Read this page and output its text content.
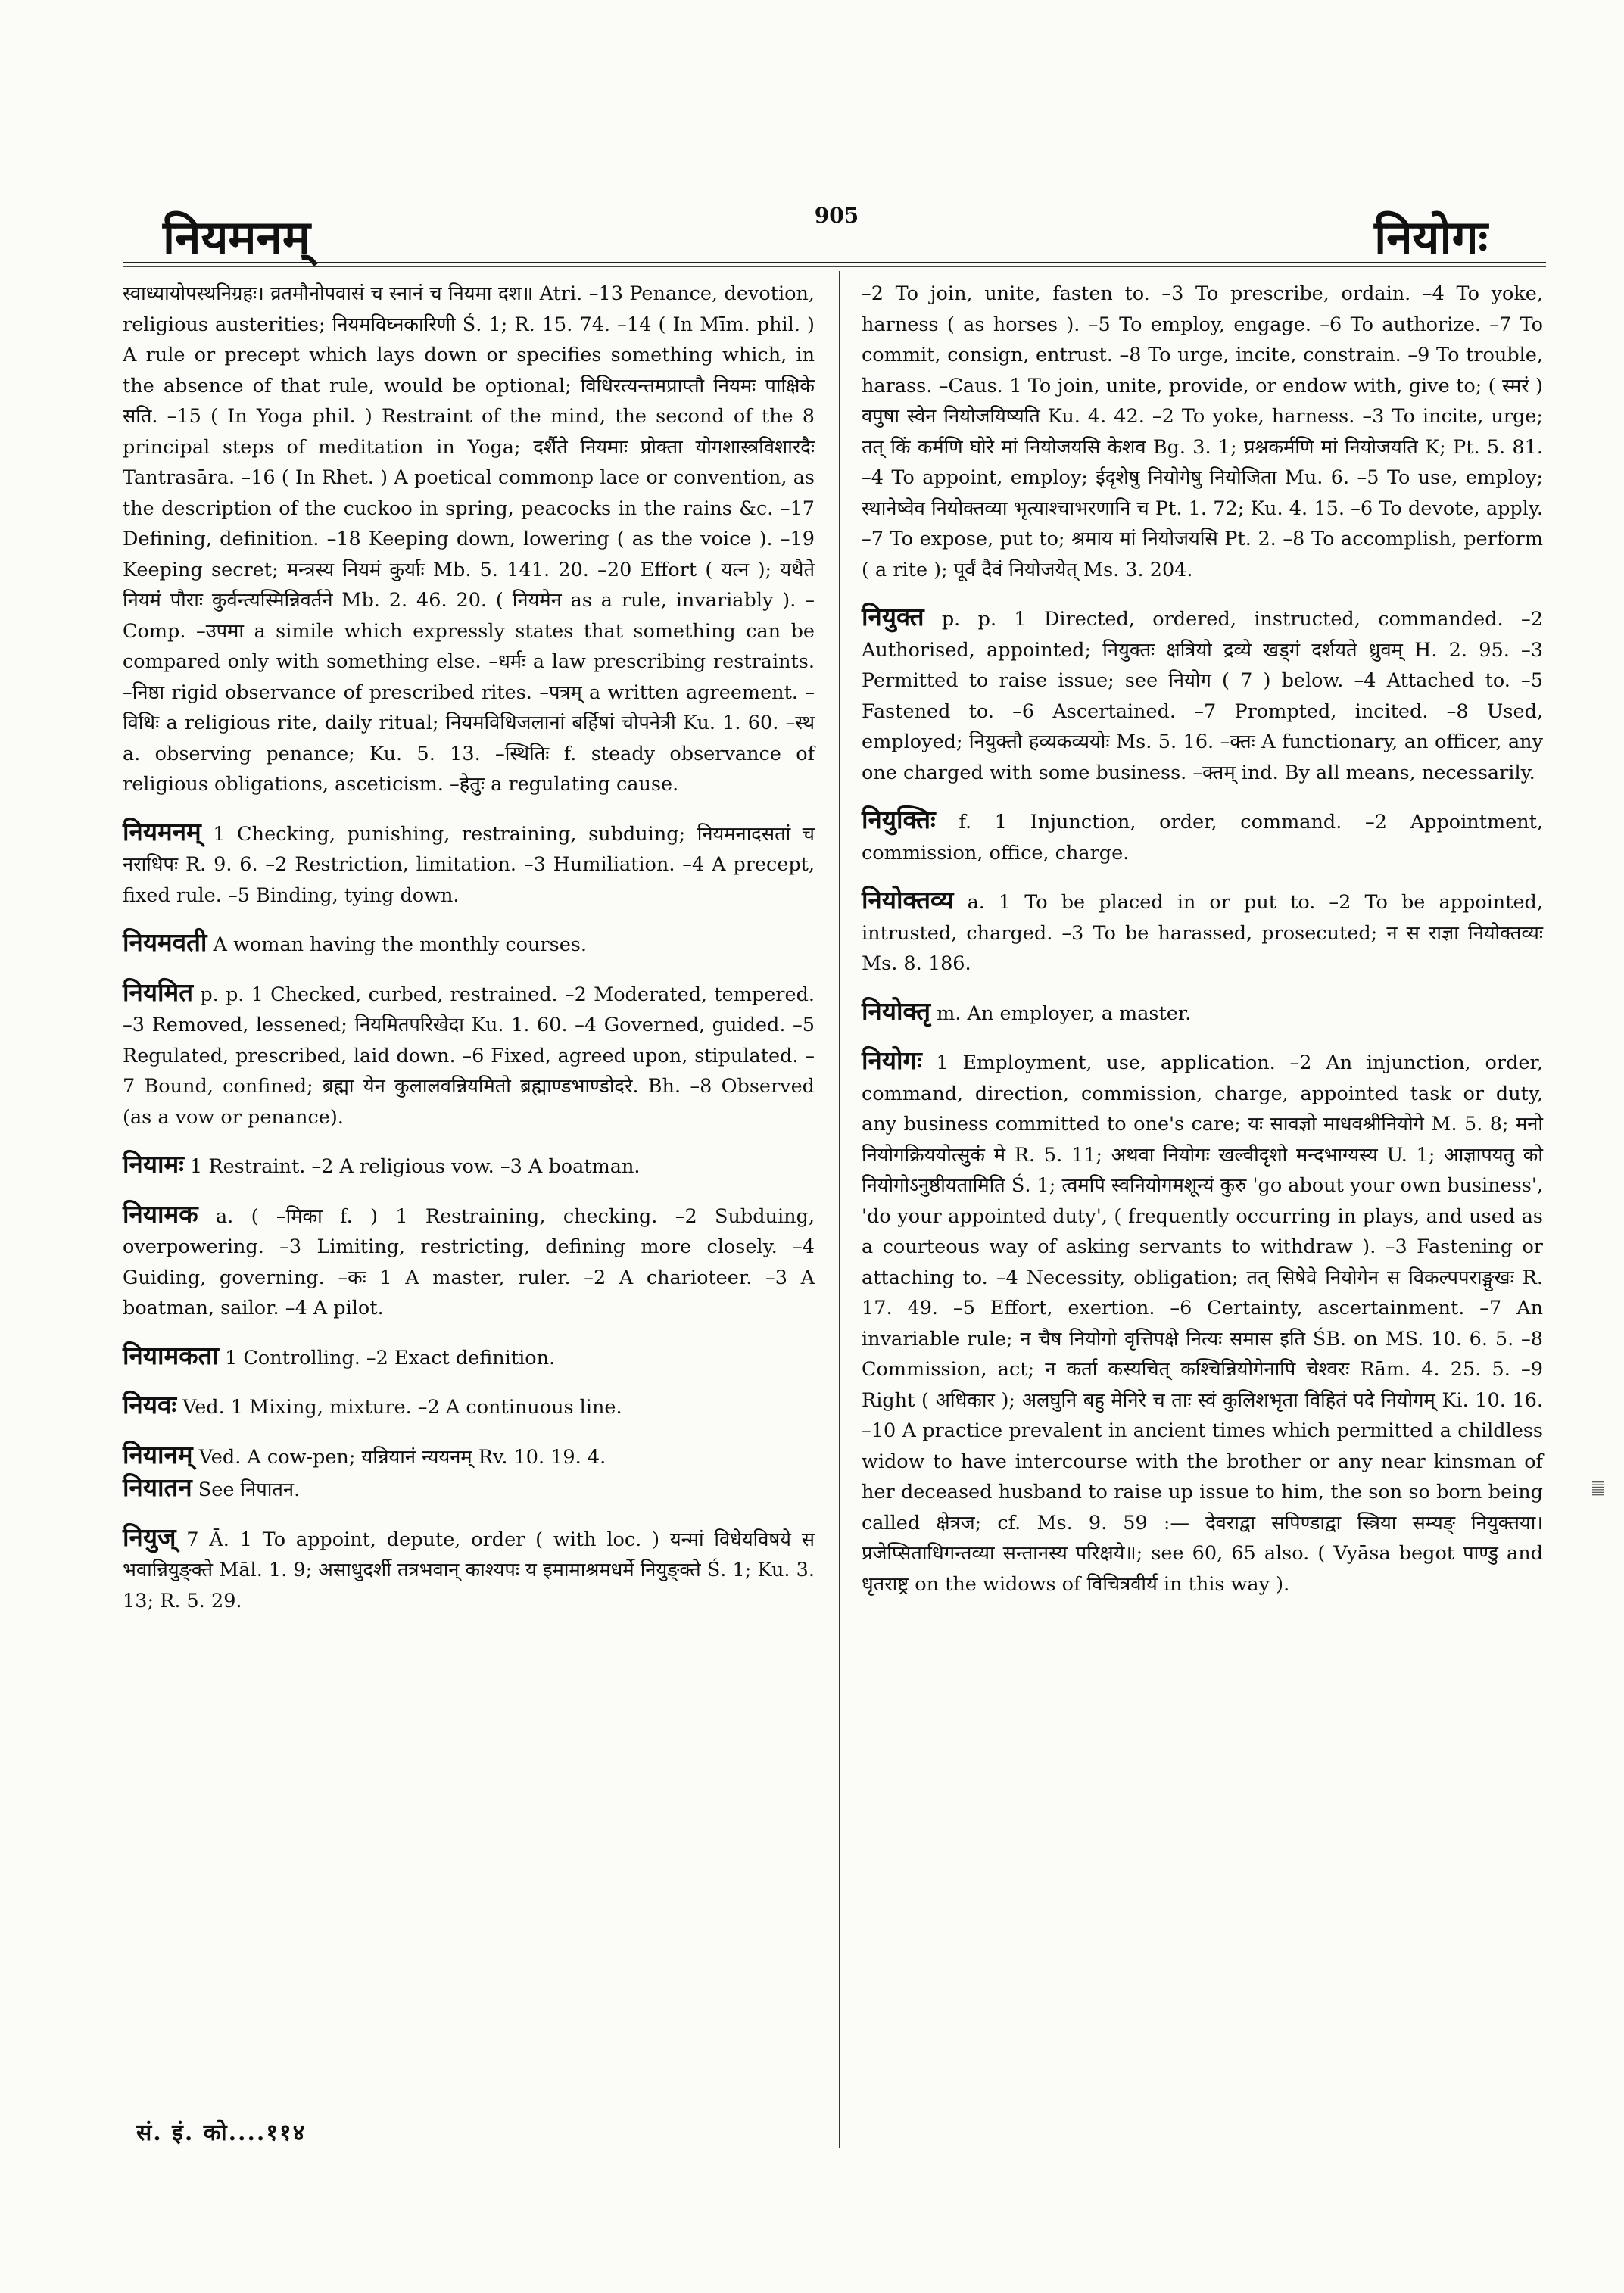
नियमनम्	905	नियोगः

स्वाध्यायोपस्थनिग्रहः। व्रतमौनोपवासं च स्नानं च नियमा दश॥ Atri. –13 Penance, devotion, religious austerities; नियमविघ्नकारिणी Ś. 1; R. 15. 74. –14 ( In Mīm. phil. ) A rule or precept which lays down or specifies something which, in the absence of that rule, would be optional; विधिरत्यन्तमप्राप्तौ नियमः पाक्षिके सति. –15 ( In Yoga phil. ) Restraint of the mind, the second of the 8 principal steps of meditation in Yoga; दर्शैते नियमाः प्रोक्ता योगशास्त्रविशारदैः Tantrasāra. –16 ( In Rhet. ) A poetical commonp lace or convention, as the description of the cuckoo in spring, peacocks in the rains &c. –17 Defining, definition. –18 Keeping down, lowering ( as the voice ). –19 Keeping secret; मन्त्रस्य नियमं कुर्याः Mb. 5. 141. 20. –20 Effort ( यत्न ); यथैते नियमं पौराः कुर्वन्त्यस्मिन्निवर्तने Mb. 2. 46. 20. ( नियमेन as a rule, invariably ). –Comp. –उपमा a simile which expressly states that something can be compared only with something else. –धर्मः a law prescribing restraints. –निष्ठा rigid observance of prescribed rites. –पत्रम् a written agreement. –विधिः a religious rite, daily ritual; नियमविधिजलानां बर्हिषां चोपनेत्री Ku. 1. 60. –स्थ a. observing penance; Ku. 5. 13. –स्थितिः f. steady observance of religious obligations, asceticism. –हेतुः a regulating cause.

नियमनम् 1 Checking, punishing, restraining, subduing; नियमनादसतां च नराधिपः R. 9. 6. –2 Restriction, limitation. –3 Humiliation. –4 A precept, fixed rule. –5 Binding, tying down.

नियमवती A woman having the monthly courses.

नियमित p. p. 1 Checked, curbed, restrained. –2 Moderated, tempered. –3 Removed, lessened; नियमितपरिखेदा Ku. 1. 60. –4 Governed, guided. –5 Regulated, prescribed, laid down. –6 Fixed, agreed upon, stipulated. –7 Bound, confined; ब्रह्मा येन कुलालवन्नियमितो ब्रह्माण्डभाण्डोदरे. Bh. –8 Observed (as a vow or penance).

नियामः 1 Restraint. –2 A religious vow. –3 A boatman.

नियामक a. ( –मिका f. ) 1 Restraining, checking. –2 Subduing, overpowering. –3 Limiting, restricting, defining more closely. –4 Guiding, governing. –कः 1 A master, ruler. –2 A charioteer. –3 A boatman, sailor. –4 A pilot.

नियामकता 1 Controlling. –2 Exact definition.

नियवः Ved. 1 Mixing, mixture. –2 A continuous line.

नियानम् Ved. A cow-pen; यन्नियानं न्ययनम् Rv. 10. 19. 4.

नियातन See निपातन.

नियुज् 7 Ā. 1 To appoint, depute, order ( with loc. ) यन्मां विधेयविषये स भवान्नियुङ्क्ते Māl. 1. 9; असाधुदर्शी तत्रभवान् काश्यपः य इमामाश्रमधर्मे नियुङ्क्ते Ś. 1; Ku. 3. 13; R. 5. 29.

–2 To join, unite, fasten to. –3 To prescribe, ordain. –4 To yoke, harness ( as horses ). –5 To employ, engage. –6 To authorize. –7 To commit, consign, entrust. –8 To urge, incite, constrain. –9 To trouble, harass. –Caus. 1 To join, unite, provide, or endow with, give to; ( स्मरं ) वपुषा स्वेन नियोजयिष्यति Ku. 4. 42. –2 To yoke, harness. –3 To incite, urge; तत् किं कर्मणि घोरे मां नियोजयसि केशव Bg. 3. 1; प्रश्नकर्मणि मां नियोजयति K; Pt. 5. 81. –4 To appoint, employ; ईदृशेषु नियोगेषु नियोजिता Mu. 6. –5 To use, employ; स्थानेष्वेव नियोक्तव्या भृत्याश्चाभरणानि च Pt. 1. 72; Ku. 4. 15. –6 To devote, apply. –7 To expose, put to; श्रमाय मां नियोजयसि Pt. 2. –8 To accomplish, perform ( a rite ); पूर्वं दैवं नियोजयेत् Ms. 3. 204.

नियुक्त p. p. 1 Directed, ordered, instructed, commanded. –2 Authorised, appointed; नियुक्तः क्षत्रियो द्रव्ये खड्गं दर्शयते ध्रुवम् H. 2. 95. –3 Permitted to raise issue; see नियोग ( 7 ) below. –4 Attached to. –5 Fastened to. –6 Ascertained. –7 Prompted, incited. –8 Used, employed; नियुक्तौ हव्यकव्ययोः Ms. 5. 16. –क्तः A functionary, an officer, any one charged with some business. –क्तम् ind. By all means, necessarily.

नियुक्तिः f. 1 Injunction, order, command. –2 Appointment, commission, office, charge.

नियोक्तव्य a. 1 To be placed in or put to. –2 To be appointed, intrusted, charged. –3 To be harassed, prosecuted; न स राज्ञा नियोक्तव्यः Ms. 8. 186.

नियोक्तृ m. An employer, a master.

नियोगः 1 Employment, use, application. –2 An injunction, order, command, direction, commission, charge, appointed task or duty, any business committed to one's care; यः सावज्ञो माधवश्रीनियोगे M. 5. 8; मनो नियोगक्रिययोत्सुकं मे R. 5. 11; अथवा नियोगः खल्वीदृशो मन्दभाग्यस्य U. 1; आज्ञापयतु को नियोगोऽनुष्ठीयतामिति Ś. 1; त्वमपि स्वनियोगमशून्यं कुरु 'go about your own business', 'do your appointed duty', ( frequently occurring in plays, and used as a courteous way of asking servants to withdraw ). –3 Fastening or attaching to. –4 Necessity, obligation; तत् सिषेवे नियोगेन स विकल्पपराङ्मुखः R. 17. 49. –5 Effort, exertion. –6 Certainty, ascertainment. –7 An invariable rule; न चैष नियोगो वृत्तिपक्षे नित्यः समास इति ŚB. on MS. 10. 6. 5. –8 Commission, act; न कर्ता कस्यचित् कश्चिन्नियोगेनापि चेश्वरः Rām. 4. 25. 5. –9 Right ( अधिकार ); अलघुनि बहु मेनिरे च ताः स्वं कुलिशभृता विहितं पदे नियोगम् Ki. 10. 16. –10 A practice prevalent in ancient times which permitted a childless widow to have intercourse with the brother or any near kinsman of her deceased husband to raise up issue to him, the son so born being called क्षेत्रज; cf. Ms. 9. 59 :— देवराद्वा सपिण्डाद्वा स्त्रिया सम्यङ् नियुक्तया। प्रजेप्सिताधिगन्तव्या सन्तानस्य परिक्षये॥; see 60, 65 also. ( Vyāsa begot पाण्डु and धृतराष्ट्र on the widows of विचित्रवीर्य in this way ).

सं. इं. को....११४
||||||
